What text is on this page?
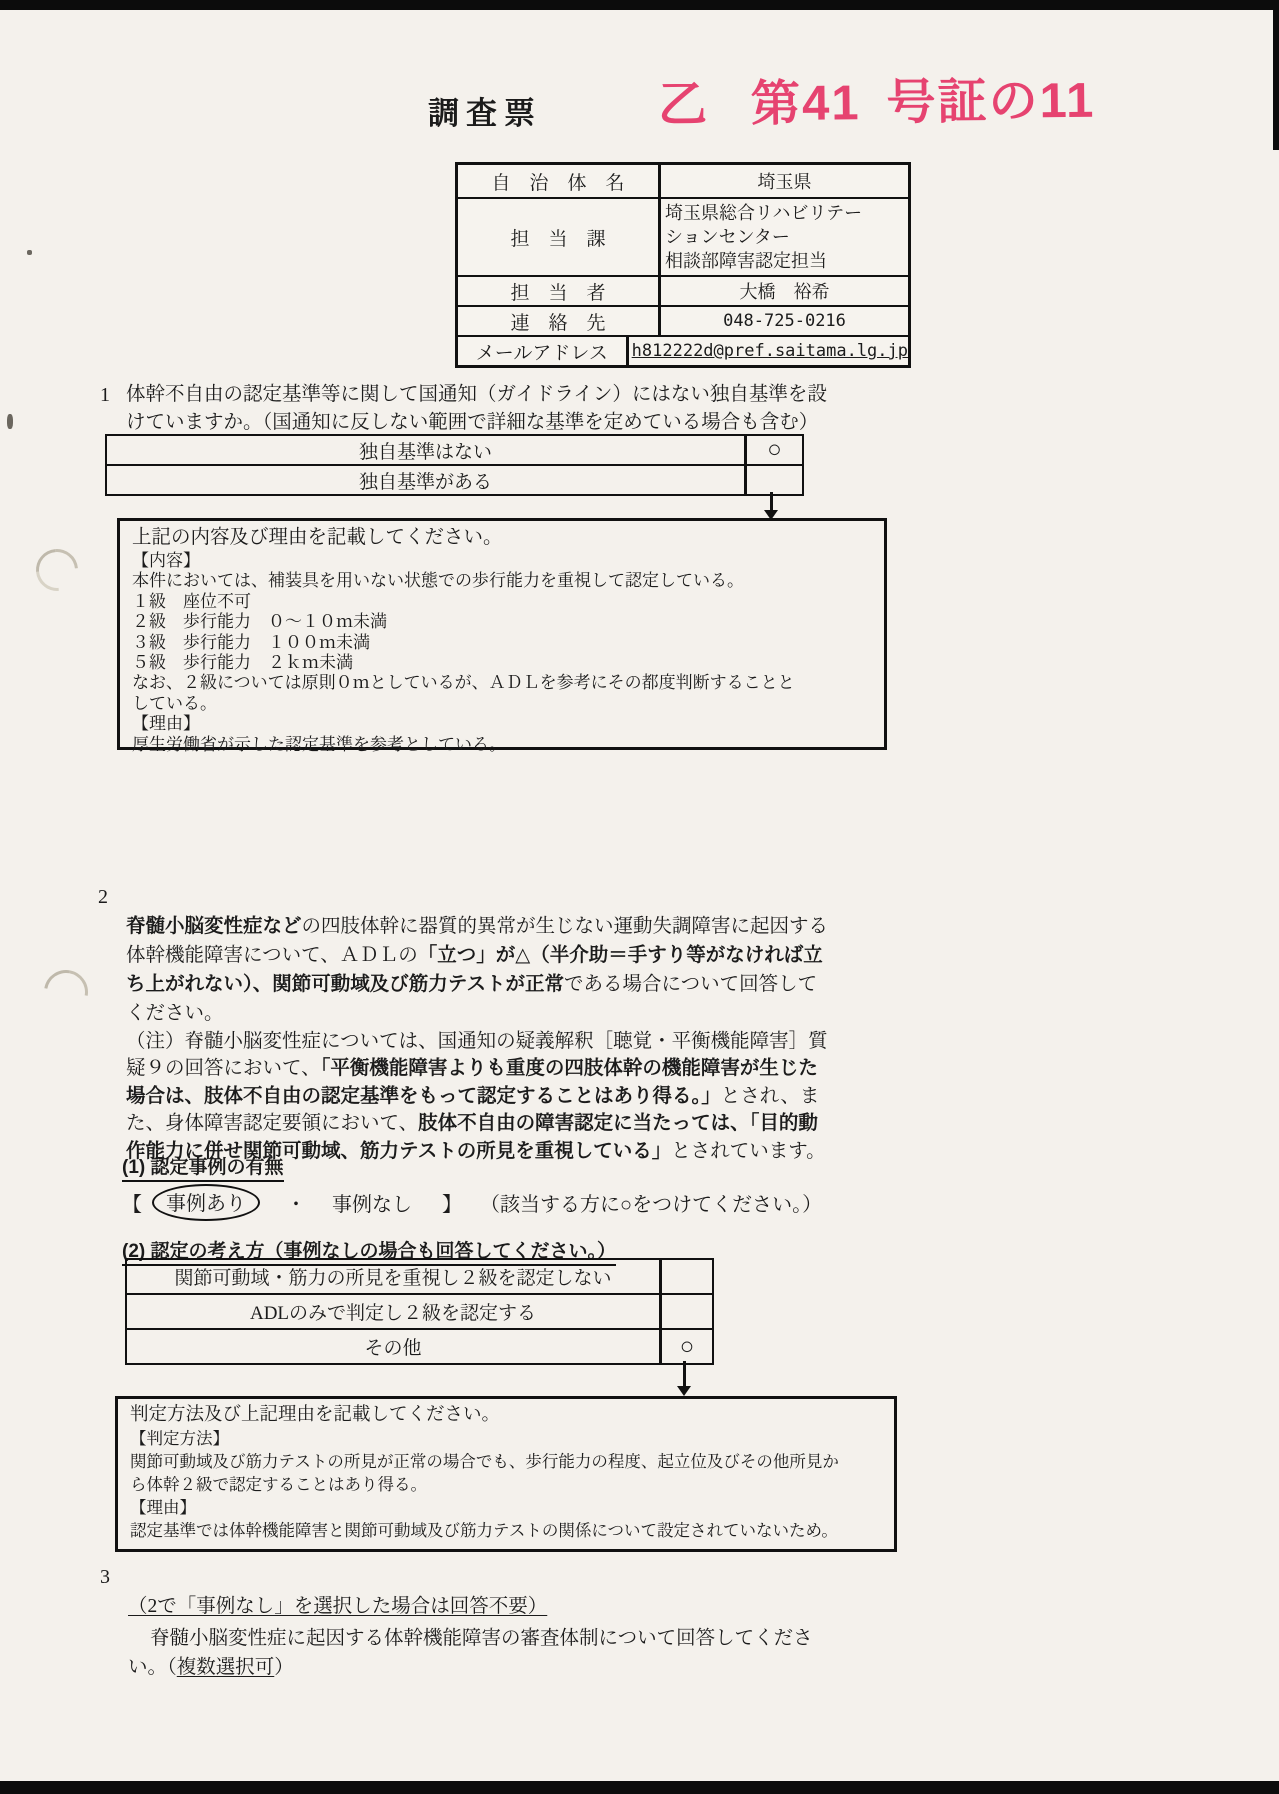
調査票 乙 第41 号証の11
自　治　体　名	埼玉県
担　当　課
埼玉県総合リハビリテー
ションセンター
相談部障害認定担当
担　当　者	大橋　裕希
連　絡　先	048-725-0216
メールアドレス	h812222d@pref.saitama.lg.jp
1 体幹不自由の認定基準等に関して国通知（ガイドライン）にはない独自基準を設
けていますか。（国通知に反しない範囲で詳細な基準を定めている場合も含む）
独自基準はない	○
独自基準がある
上記の内容及び理由を記載してください。
【内容】
本件においては、補装具を用いない状態での歩行能力を重視して認定している。
１級　座位不可
２級　歩行能力　０～１０ｍ未満
３級　歩行能力　１００ｍ未満
５級　歩行能力　２ｋｍ未満
なお、２級については原則０ｍとしているが、ＡＤＬを参考にその都度判断することと
している。
【理由】
厚生労働省が示した認定基準を参考としている。
2

脊髄小脳変性症などの四肢体幹に器質的異常が生じない運動失調障害に起因する
体幹機能障害について、ＡＤＬの「立つ」が△（半介助＝手すり等がなければ立
ち上がれない）、関節可動域及び筋力テストが正常である場合について回答して
ください。

（注）脊髄小脳変性症については、国通知の疑義解釈［聴覚・平衡機能障害］質
疑９の回答において、「平衡機能障害よりも重度の四肢体幹の機能障害が生じた
場合は、肢体不自由の認定基準をもって認定することはあり得る。」とされ、ま
た、身体障害認定要領において、肢体不自由の障害認定に当たっては、「目的動
作能力に併せ関節可動域、筋力テストの所見を重視している」とされています。

(1) 認定事例の有無
【	事例あり	・ 事例なし 】 （該当する方に○をつけてください。）
(2) 認定の考え方（事例なしの場合も回答してください。）
関節可動域・筋力の所見を重視し２級を認定しない
ADLのみで判定し２級を認定する
その他	○
判定方法及び上記理由を記載してください。
【判定方法】
関節可動域及び筋力テストの所見が正常の場合でも、歩行能力の程度、起立位及びその他所見か
ら体幹２級で認定することはあり得る。
【理由】
認定基準では体幹機能障害と関節可動域及び筋力テストの関係について設定されていないため。
3

（2で「事例なし」を選択した場合は回答不要）

脊髄小脳変性症に起因する体幹機能障害の審査体制について回答してくださ
い。（複数選択可）
